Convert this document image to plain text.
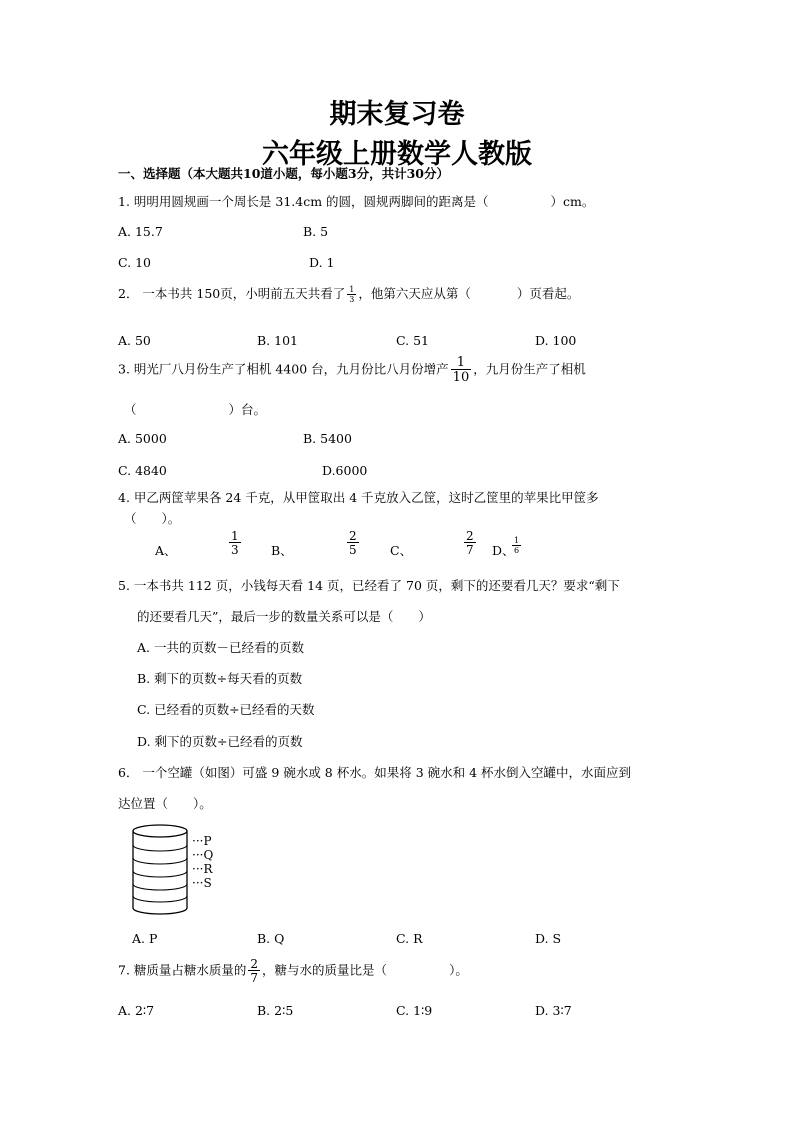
期末复习卷
六年级上册数学人教版
一、选择题（本大题共10道小题，每小题3分，共计30分）
1. 明明用圆规画一个周长是 31.4cm 的圆，圆规两脚间的距离是（	）cm。
A. 15.7	B. 5
C. 10	D. 1
2． 一本书共 150页，小明前五天共看了 $\frac{1}{3}$ ，他第六天应从第（	）页看起。
A. 50	B. 101	C. 51	D. 100
3. 明光厂八月份生产了相机 4400 台，九月份比八月份增产 $\frac{1}{10}$ ，九月份生产了相机
（	）台。
A. 5000	B. 5400
C. 4840	D.6000
4. 甲乙两筐苹果各 24 千克，从甲筐取出 4 千克放入乙筐，这时乙筐里的苹果比甲筐多
（　　）。
A、	$\frac{1}{3}$ B、	$\frac{2}{5}$	C、	$\frac{2}{7}$ D、
$\frac{1}{6}$
5. 一本书共 112 页，小钱每天看 14 页，已经看了 70 页，剩下的还要看几天？要求“剩下
的还要看几天”，最后一步的数量关系可以是（　　）
A. 一共的页数－已经看的页数
B. 剩下的页数÷每天看的页数
C. 已经看的页数÷已经看的天数
D. 剩下的页数÷已经看的页数
6． 一个空罐（如图）可盛 9 碗水或 8 杯水。如果将 3 碗水和 4 杯水倒入空罐中，水面应到
达位置（　　）。
···P
···Q
···R
···S
A. P	B. Q	C. R	D. S
7. 糖质量占糖水质量的 $\frac{2}{7}$ ，糖与水的质量比是（	）。
A. 2∶7	B. 2∶5	C. 1∶9	D. 3∶7
